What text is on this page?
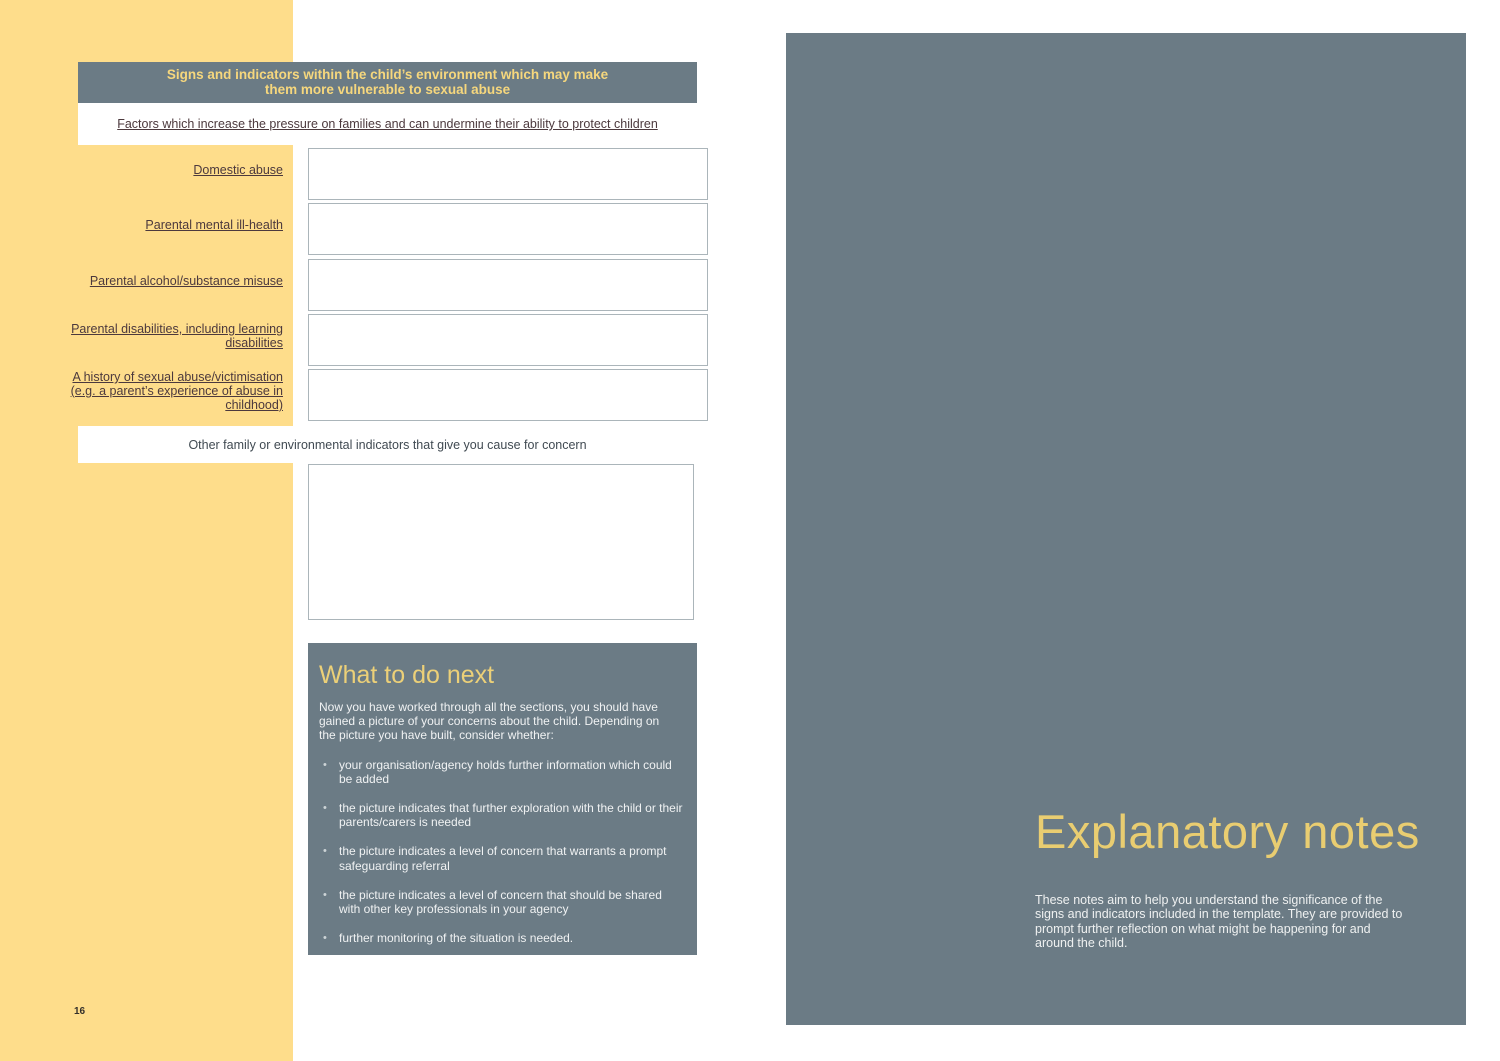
Signs and indicators within the child’s environment which may make them more vulnerable to sexual abuse
Factors which increase the pressure on families and can undermine their ability to protect children
Domestic abuse
Parental mental ill-health
Parental alcohol/substance misuse
Parental disabilities, including learning disabilities
A history of sexual abuse/victimisation (e.g. a parent’s experience of abuse in childhood)
Other family or environmental indicators that give you cause for concern
What to do next
Now you have worked through all the sections, you should have gained a picture of your concerns about the child. Depending on the picture you have built, consider whether:
• your organisation/agency holds further information which could be added
• the picture indicates that further exploration with the child or their parents/carers is needed
• the picture indicates a level of concern that warrants a prompt safeguarding referral
• the picture indicates a level of concern that should be shared with other key professionals in your agency
• further monitoring of the situation is needed.
Explanatory notes
These notes aim to help you understand the significance of the signs and indicators included in the template. They are provided to prompt further reflection on what might be happening for and around the child.
16
